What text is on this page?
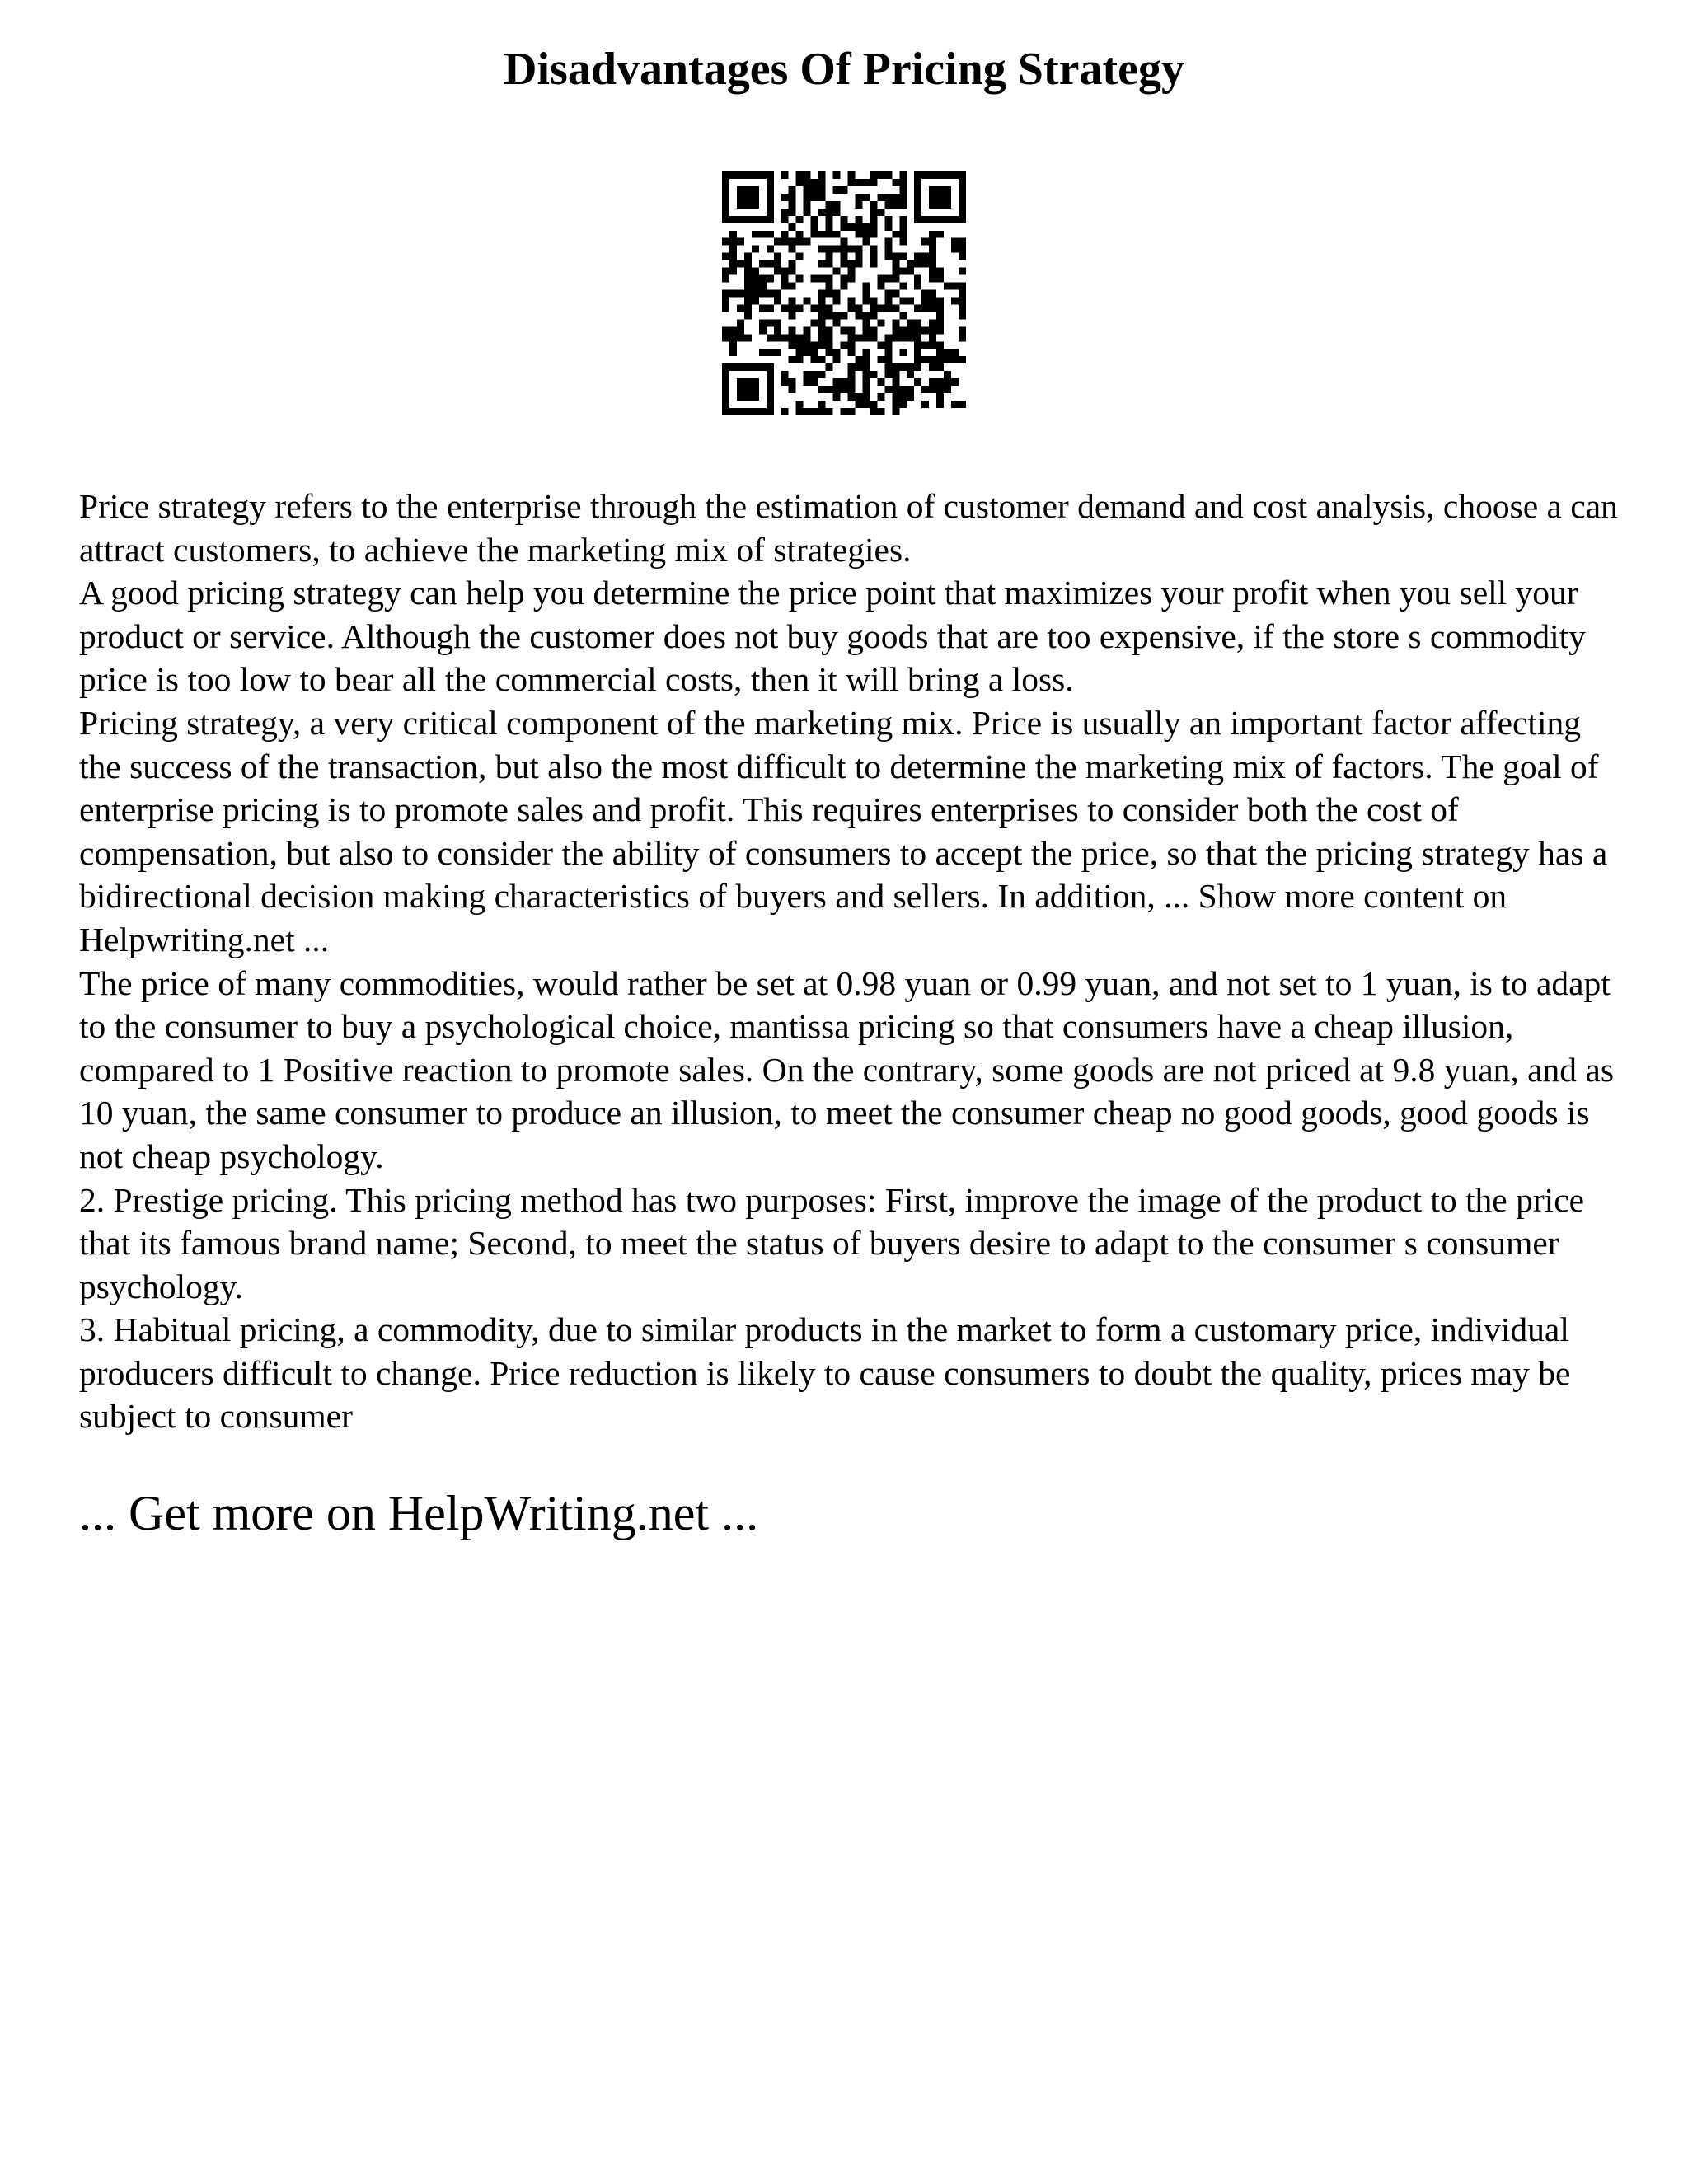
Disadvantages Of Pricing Strategy

Price strategy refers to the enterprise through the estimation of customer demand and cost analysis, choose a can attract customers, to achieve the marketing mix of strategies.

A good pricing strategy can help you determine the price point that maximizes your profit when you sell your product or service. Although the customer does not buy goods that are too expensive, if the store s commodity price is too low to bear all the commercial costs, then it will bring a loss.

Pricing strategy, a very critical component of the marketing mix. Price is usually an important factor affecting the success of the transaction, but also the most difficult to determine the marketing mix of factors. The goal of enterprise pricing is to promote sales and profit. This requires enterprises to consider both the cost of compensation, but also to consider the ability of consumers to accept the price, so that the pricing strategy has a bidirectional decision making characteristics of buyers and sellers. In addition, ... Show more content on Helpwriting.net ...

The price of many commodities, would rather be set at 0.98 yuan or 0.99 yuan, and not set to 1 yuan, is to adapt to the consumer to buy a psychological choice, mantissa pricing so that consumers have a cheap illusion, compared to 1 Positive reaction to promote sales. On the contrary, some goods are not priced at 9.8 yuan, and as 10 yuan, the same consumer to produce an illusion, to meet the consumer cheap no good goods, good goods is not cheap psychology.

2. Prestige pricing. This pricing method has two purposes: First, improve the image of the product to the price that its famous brand name; Second, to meet the status of buyers desire to adapt to the consumer s consumer psychology.

3. Habitual pricing, a commodity, due to similar products in the market to form a customary price, individual producers difficult to change. Price reduction is likely to cause consumers to doubt the quality, prices may be subject to consumer

... Get more on HelpWriting.net ...
